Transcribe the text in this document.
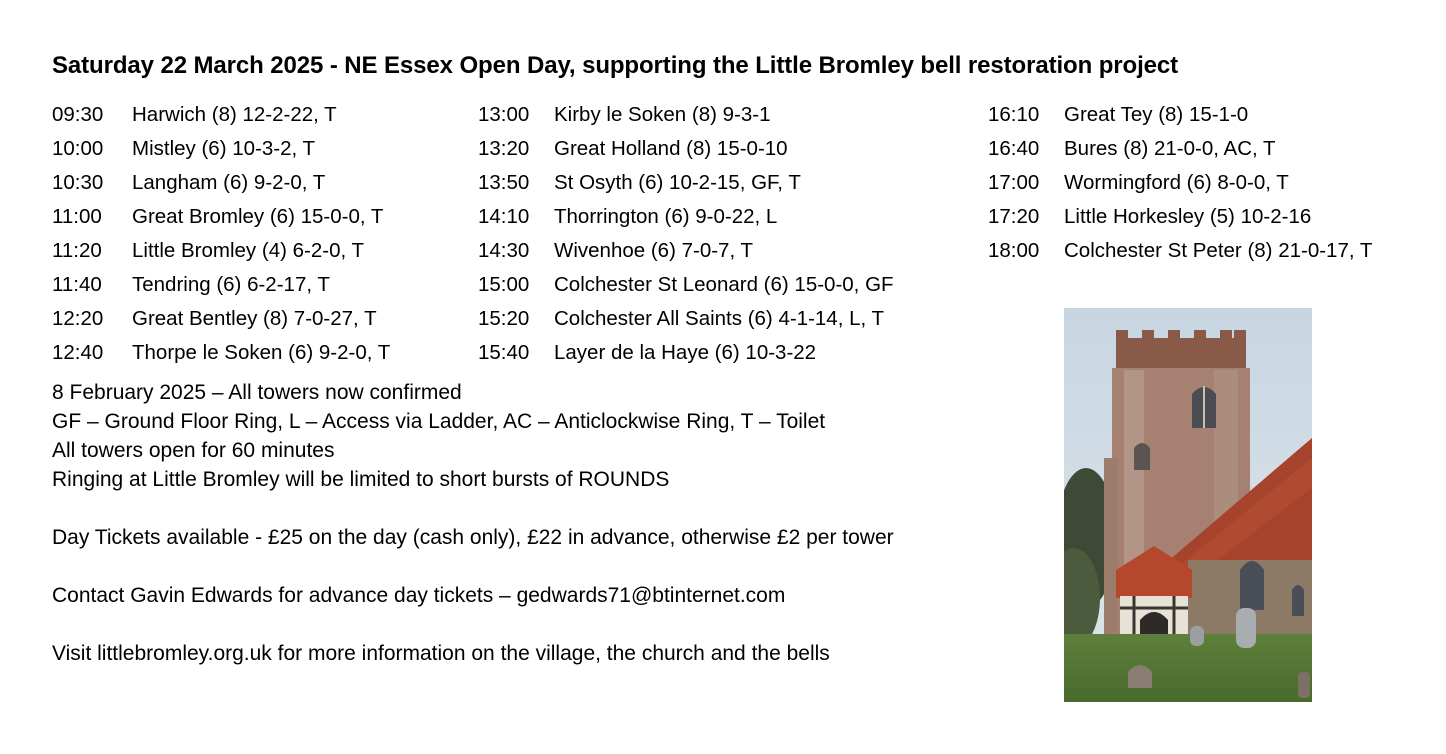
Saturday 22 March 2025 - NE Essex Open Day, supporting the Little Bromley bell restoration project
09:30	Harwich (8) 12-2-22, T
10:00	Mistley (6) 10-3-2, T
10:30	Langham (6) 9-2-0, T
11:00	Great Bromley (6) 15-0-0, T
11:20	Little Bromley (4) 6-2-0, T
11:40	Tendring (6) 6-2-17, T
12:20	Great Bentley (8) 7-0-27, T
12:40	Thorpe le Soken (6) 9-2-0, T
13:00	Kirby le Soken (8) 9-3-1
13:20	Great Holland (8) 15-0-10
13:50	St Osyth (6) 10-2-15, GF, T
14:10	Thorrington (6) 9-0-22, L
14:30	Wivenhoe (6) 7-0-7, T
15:00	Colchester St Leonard (6) 15-0-0, GF
15:20	Colchester All Saints (6) 4-1-14, L, T
15:40	Layer de la Haye (6) 10-3-22
16:10	Great Tey (8) 15-1-0
16:40	Bures (8) 21-0-0, AC, T
17:00	Wormingford (6) 8-0-0, T
17:20	Little Horkesley (5) 10-2-16
18:00	Colchester St Peter (8) 21-0-17, T
8 February 2025 – All towers now confirmed
GF – Ground Floor Ring, L – Access via Ladder, AC – Anticlockwise Ring, T – Toilet
All towers open for 60 minutes
Ringing at Little Bromley will be limited to short bursts of ROUNDS
Day Tickets available - £25 on the day (cash only), £22 in advance, otherwise £2 per tower
Contact Gavin Edwards for advance day tickets – gedwards71@btinternet.com
Visit littlebromley.org.uk for more information on the village, the church and the bells
